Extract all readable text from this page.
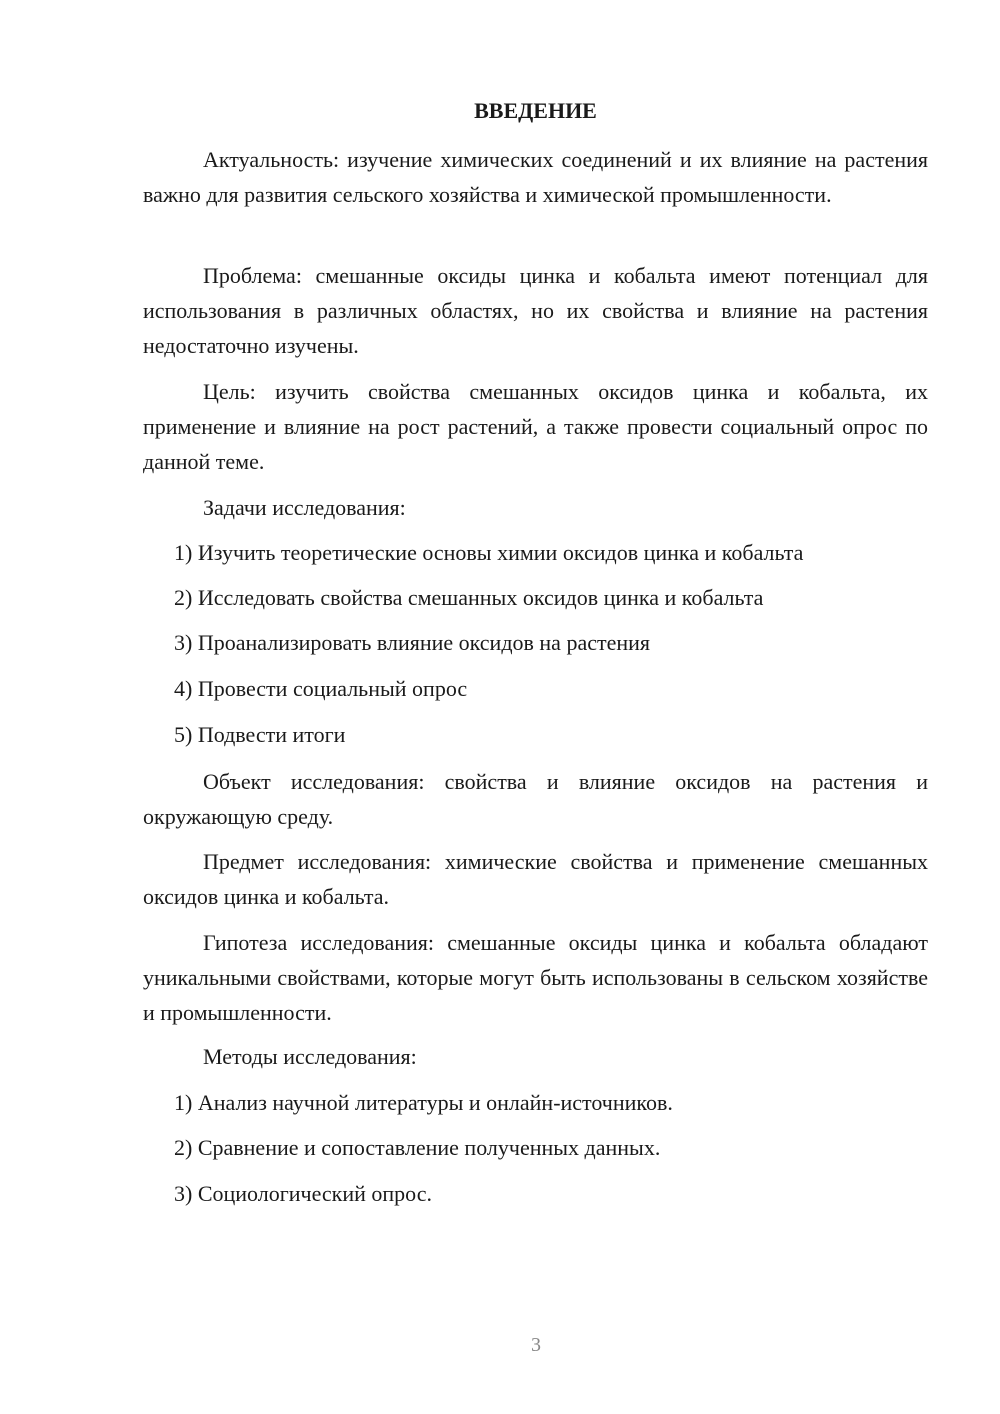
ВВЕДЕНИЕ

Актуальность: изучение химических соединений и их влияние на растения важно для развития сельского хозяйства и химической промышленности.

Проблема: смешанные оксиды цинка и кобальта имеют потенциал для использования в различных областях, но их свойства и влияние на растения недостаточно изучены.

Цель: изучить свойства смешанных оксидов цинка и кобальта, их применение и влияние на рост растений, а также провести социальный опрос по данной теме.

Задачи исследования:
1) Изучить теоретические основы химии оксидов цинка и кобальта
2) Исследовать свойства смешанных оксидов цинка и кобальта
3) Проанализировать влияние оксидов на растения
4) Провести социальный опрос
5) Подвести итоги

Объект исследования: свойства и влияние оксидов на растения и окружающую среду.

Предмет исследования: химические свойства и применение смешанных оксидов цинка и кобальта.

Гипотеза исследования: смешанные оксиды цинка и кобальта обладают уникальными свойствами, которые могут быть использованы в сельском хозяйстве и промышленности.

Методы исследования:
1) Анализ научной литературы и онлайн-источников.
2) Сравнение и сопоставление полученных данных.
3) Социологический опрос.
3
